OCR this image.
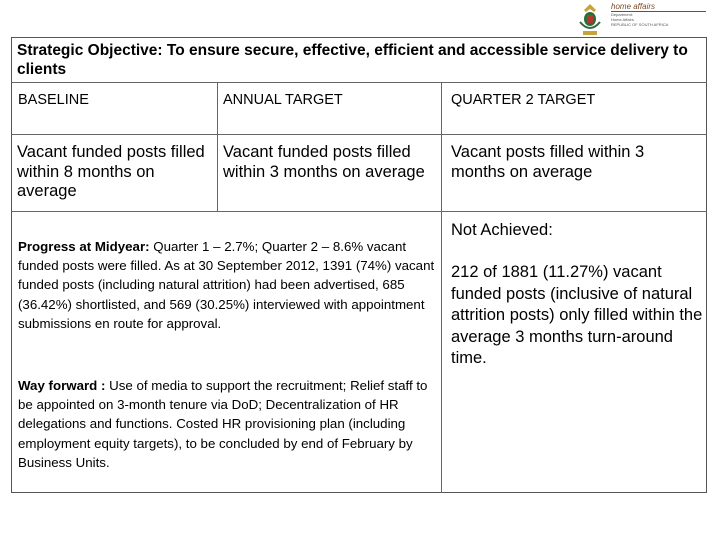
home affairs
Department:
Home Affairs
REPUBLIC OF SOUTH AFRICA
Strategic Objective: To ensure secure, effective, efficient and accessible service delivery to clients
BASELINE	ANNUAL TARGET	QUARTER 2 TARGET
Vacant funded posts filled within 8 months on average
Vacant funded posts filled within 3 months on average
Vacant posts filled within 3 months on average
Progress at Midyear: Quarter 1 – 2.7%; Quarter 2 – 8.6% vacant funded posts were filled. As at 30 September 2012, 1391 (74%) vacant funded posts (including natural attrition) had been advertised, 685 (36.42%) shortlisted, and 569 (30.25%) interviewed with appointment submissions en route for approval.
Way forward : Use of media to support the recruitment; Relief staff to be appointed on 3-month tenure via DoD; Decentralization of HR delegations and functions. Costed HR provisioning plan (including employment equity targets), to be concluded by end of February by Business Units.
Not Achieved:
212 of 1881 (11.27%) vacant funded posts (inclusive of natural attrition posts) only filled within the average 3 months turn-around time.
